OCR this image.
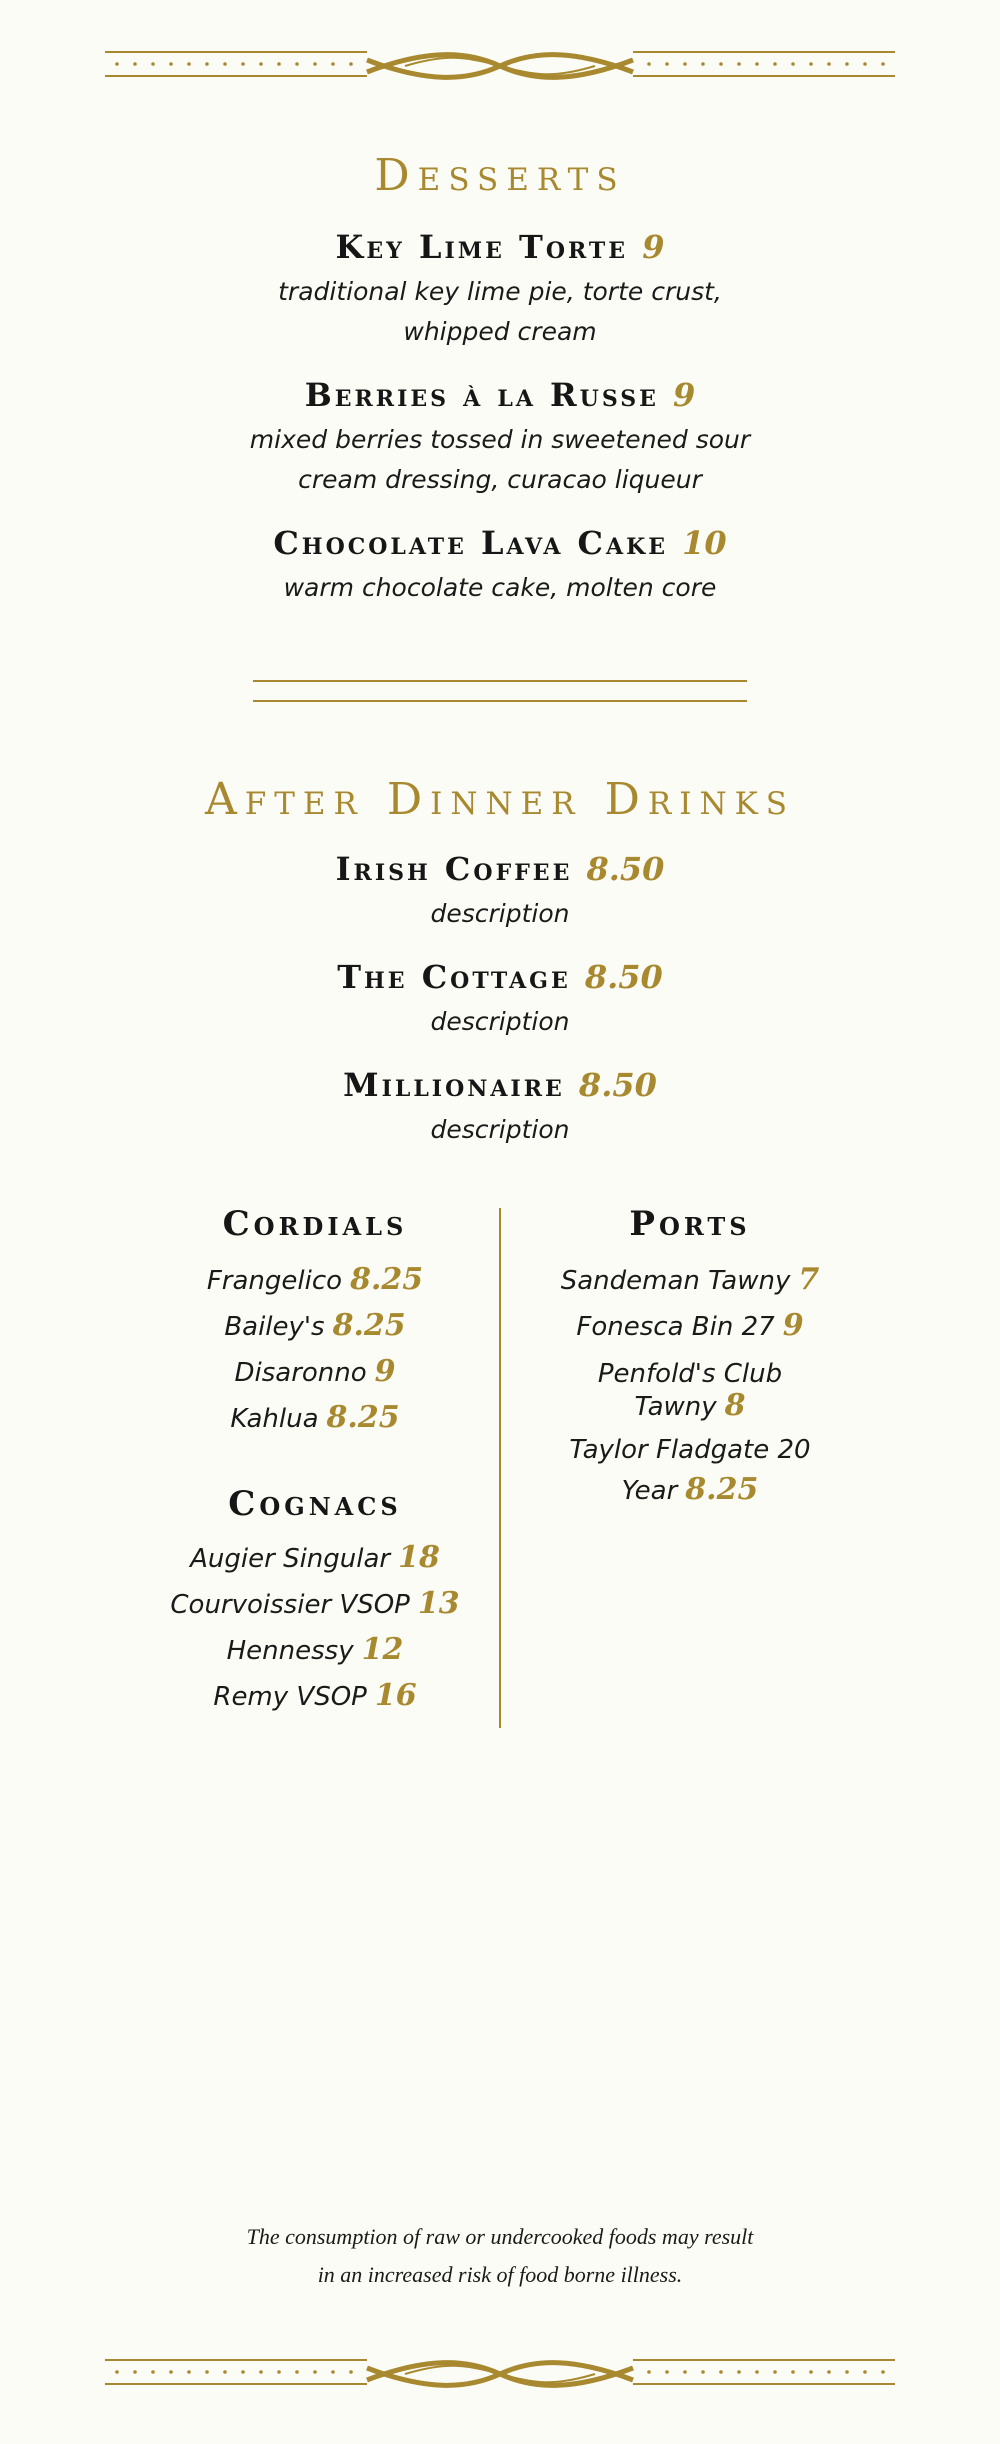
Desserts
Key Lime Torte 9
traditional key lime pie, torte crust,
whipped cream
Berries à la Russe 9
mixed berries tossed in sweetened sour
cream dressing, curacao liqueur
Chocolate Lava Cake 10
warm chocolate cake, molten core
After Dinner Drinks
Irish Coffee 8.50
description
The Cottage 8.50
description
Millionaire 8.50
description
Cordials
Frangelico 8.25
Bailey's 8.25
Disaronno 9
Kahlua 8.25
Cognacs
Augier Singular 18
Courvoissier VSOP 13
Hennessy 12
Remy VSOP 16
Ports
Sandeman Tawny 7
Fonesca Bin 27 9
Penfold's Club
Tawny 8
Taylor Fladgate 20
Year 8.25
The consumption of raw or undercooked foods may result
in an increased risk of food borne illness.
